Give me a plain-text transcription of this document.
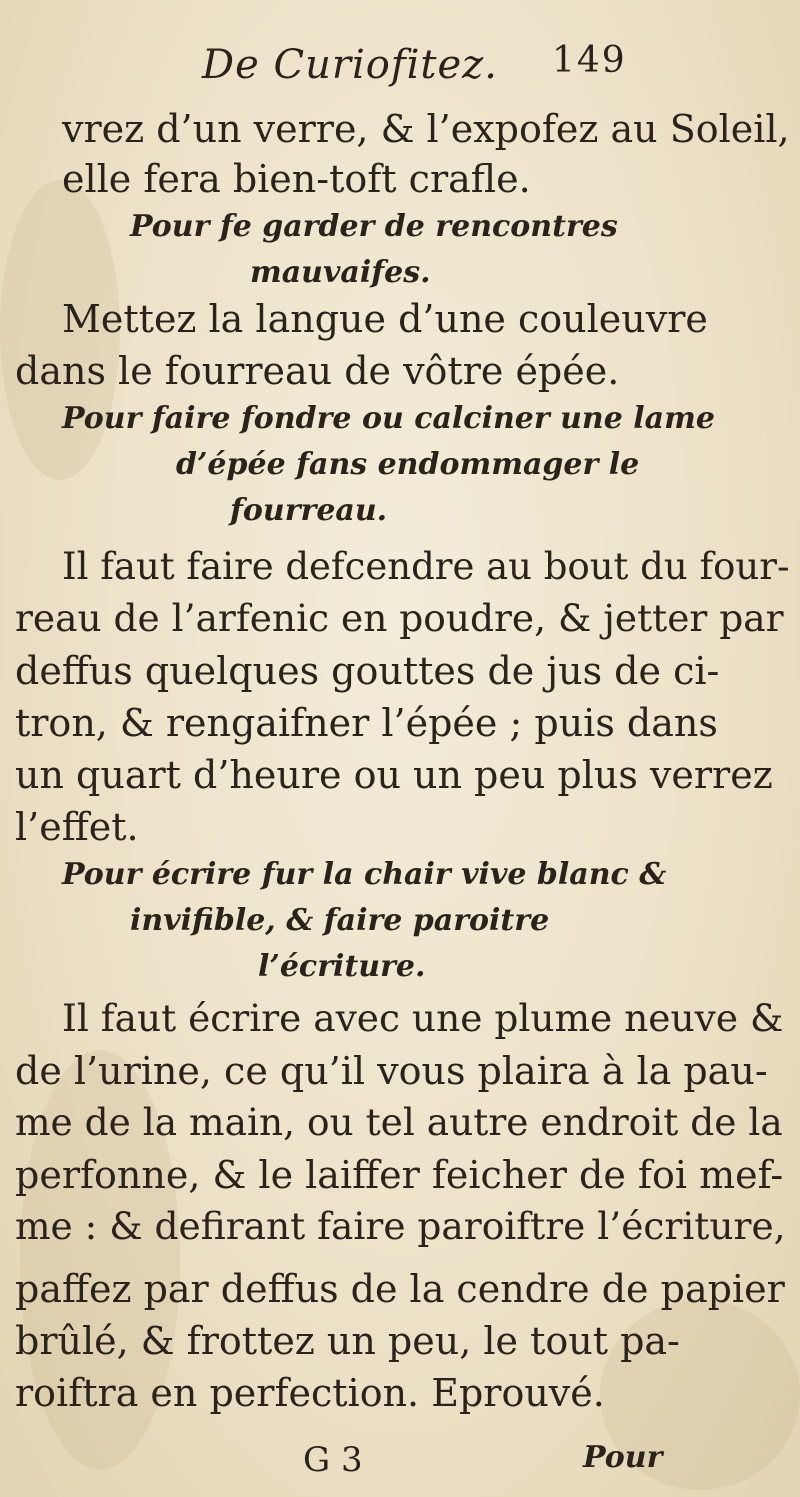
De Curiofitez. 149
vrez d’un verre, & l’expofez au Soleil,
elle fera bien-toft crafle.
Pour fe garder de rencontres
mauvaifes.
Mettez la langue d’une couleuvre
dans le fourreau de vôtre épée.
Pour faire fondre ou calciner une lame
d’épée fans endommager le
fourreau.
Il faut faire defcendre au bout du four-
reau de l’arfenic en poudre, & jetter par
deffus quelques gouttes de jus de ci-
tron, & rengaifner l’épée ; puis dans
un quart d’heure ou un peu plus verrez
l’effet.
Pour écrire fur la chair vive blanc &
invifible, & faire paroitre
l’écriture.
Il faut écrire avec une plume neuve &
de l’urine, ce qu’il vous plaira à la pau-
me de la main, ou tel autre endroit de la
perfonne, & le laiffer feicher de foi mef-
me : & defirant faire paroiftre l’écriture,
paffez par deffus de la cendre de papier
brûlé, & frottez un peu, le tout pa-
roiftra en perfection. Eprouvé.
G 3	Pour
